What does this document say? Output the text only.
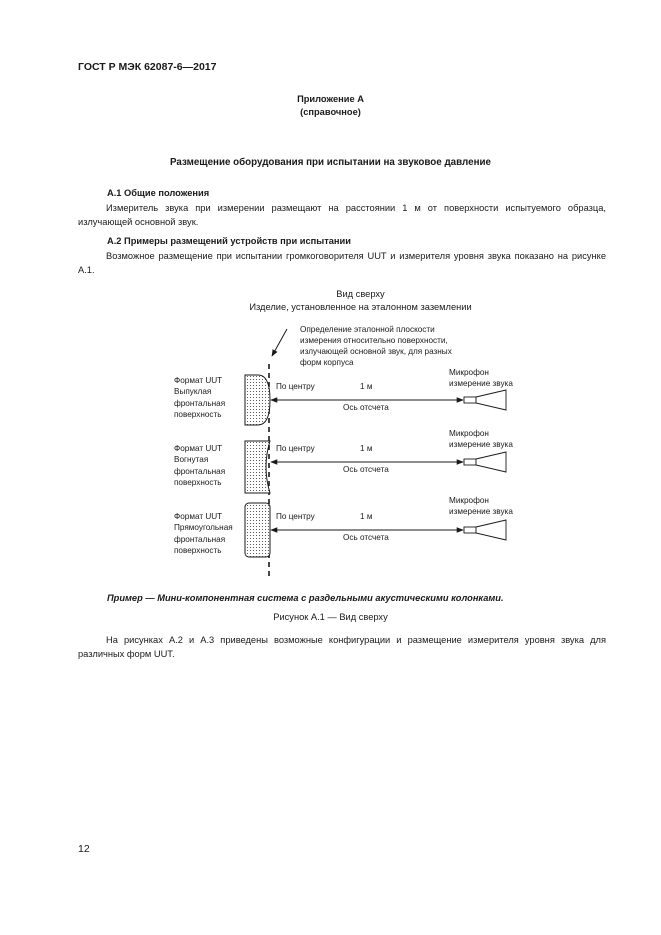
ГОСТ Р МЭК 62087-6—2017
Приложение А
(справочное)
Размещение оборудования при испытании на звуковое давление
А.1 Общие положения
Измеритель звука при измерении размещают на расстоянии 1 м от поверхности испытуемого образца, излучающей основной звук.
А.2 Примеры размещений устройств при испытании
Возможное размещение при испытании громкоговорителя UUT и измерителя уровня звука показано на рисунке А.1.
Вид сверху
Изделие, установленное на эталонном заземлении
Определение эталонной плоскости
измерения относительно поверхности,
излучающей основной звук, для разных
форм корпуса
Формат UUT
Выпуклая
фронтальная
поверхность
По центру	1 м
Ось отсчета
Микрофон
измерение звука
Формат UUT
Вогнутая
фронтальная
поверхность
По центру	1 м
Ось отсчета
Микрофон
измерение звука
Формат UUT
Прямоугольная
фронтальная
поверхность
По центру	1 м
Ось отсчета
Микрофон
измерение звука
Пример — Мини-компонентная система с раздельными акустическими колонками.
Рисунок А.1 — Вид сверху
На рисунках А.2 и А.3 приведены возможные конфигурации и размещение измерителя уровня звука для различных форм UUT.
12
